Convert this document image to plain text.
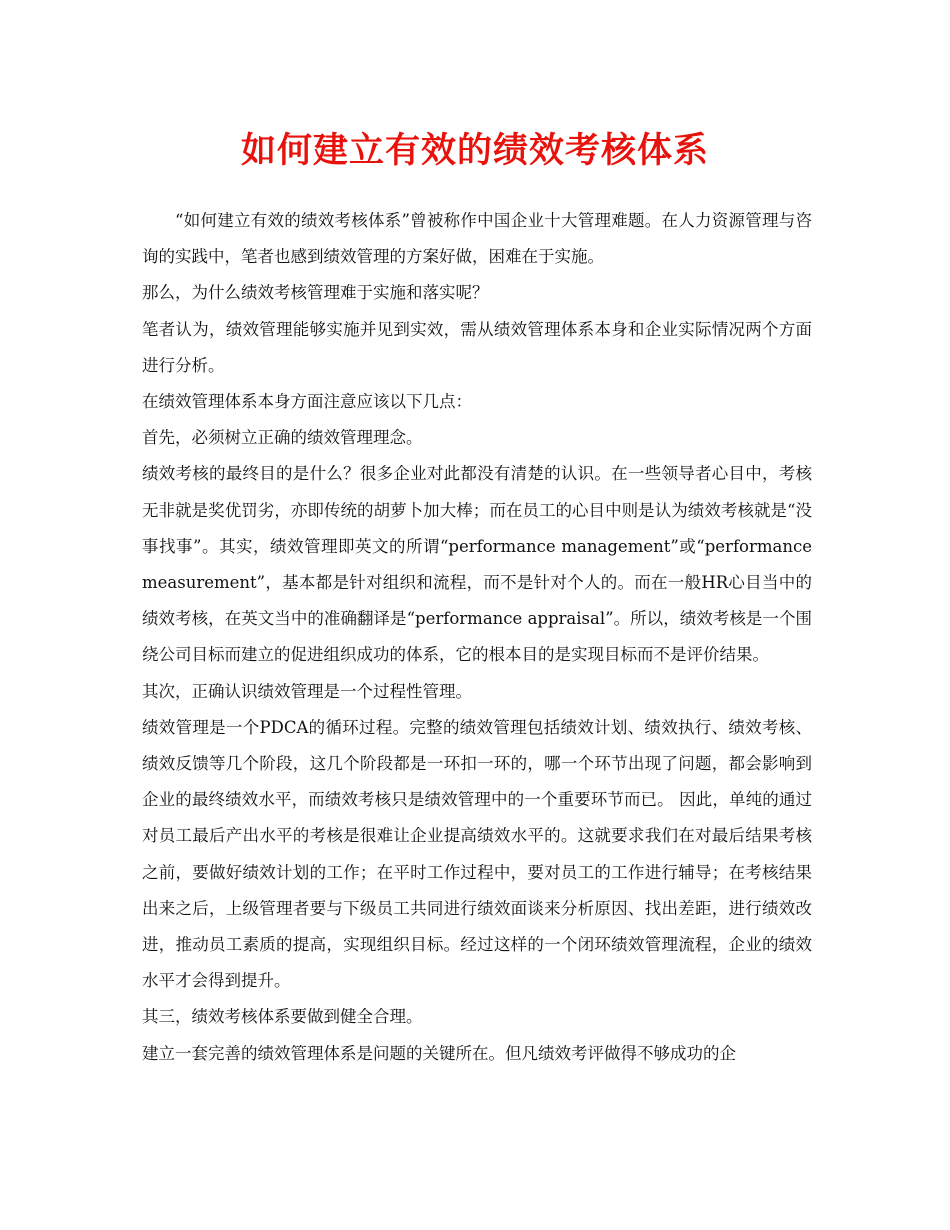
如何建立有效的绩效考核体系

“如何建立有效的绩效考核体系”曾被称作中国企业十大管理难题。在人力资源管理与咨询的实践中，笔者也感到绩效管理的方案好做，困难在于实施。

那么，为什么绩效考核管理难于实施和落实呢？

笔者认为，绩效管理能够实施并见到实效，需从绩效管理体系本身和企业实际情况两个方面进行分析。

在绩效管理体系本身方面注意应该以下几点：

首先，必须树立正确的绩效管理理念。

绩效考核的最终目的是什么？很多企业对此都没有清楚的认识。在一些领导者心目中，考核无非就是奖优罚劣，亦即传统的胡萝卜加大棒；而在员工的心目中则是认为绩效考核就是“没事找事”。其实，绩效管理即英文的所谓“performance management”或“performance measurement”，基本都是针对组织和流程，而不是针对个人的。而在一般HR心目当中的绩效考核，在英文当中的准确翻译是“performance appraisal”。所以，绩效考核是一个围绕公司目标而建立的促进组织成功的体系，它的根本目的是实现目标而不是评价结果。

其次，正确认识绩效管理是一个过程性管理。

绩效管理是一个PDCA的循环过程。完整的绩效管理包括绩效计划、绩效执行、绩效考核、绩效反馈等几个阶段，这几个阶段都是一环扣一环的，哪一个环节出现了问题，都会影响到企业的最终绩效水平，而绩效考核只是绩效管理中的一个重要环节而已。 因此，单纯的通过对员工最后产出水平的考核是很难让企业提高绩效水平的。这就要求我们在对最后结果考核之前，要做好绩效计划的工作；在平时工作过程中，要对员工的工作进行辅导；在考核结果出来之后，上级管理者要与下级员工共同进行绩效面谈来分析原因、找出差距，进行绩效改进，推动员工素质的提高，实现组织目标。经过这样的一个闭环绩效管理流程，企业的绩效水平才会得到提升。

其三，绩效考核体系要做到健全合理。

建立一套完善的绩效管理体系是问题的关键所在。但凡绩效考评做得不够成功的企
